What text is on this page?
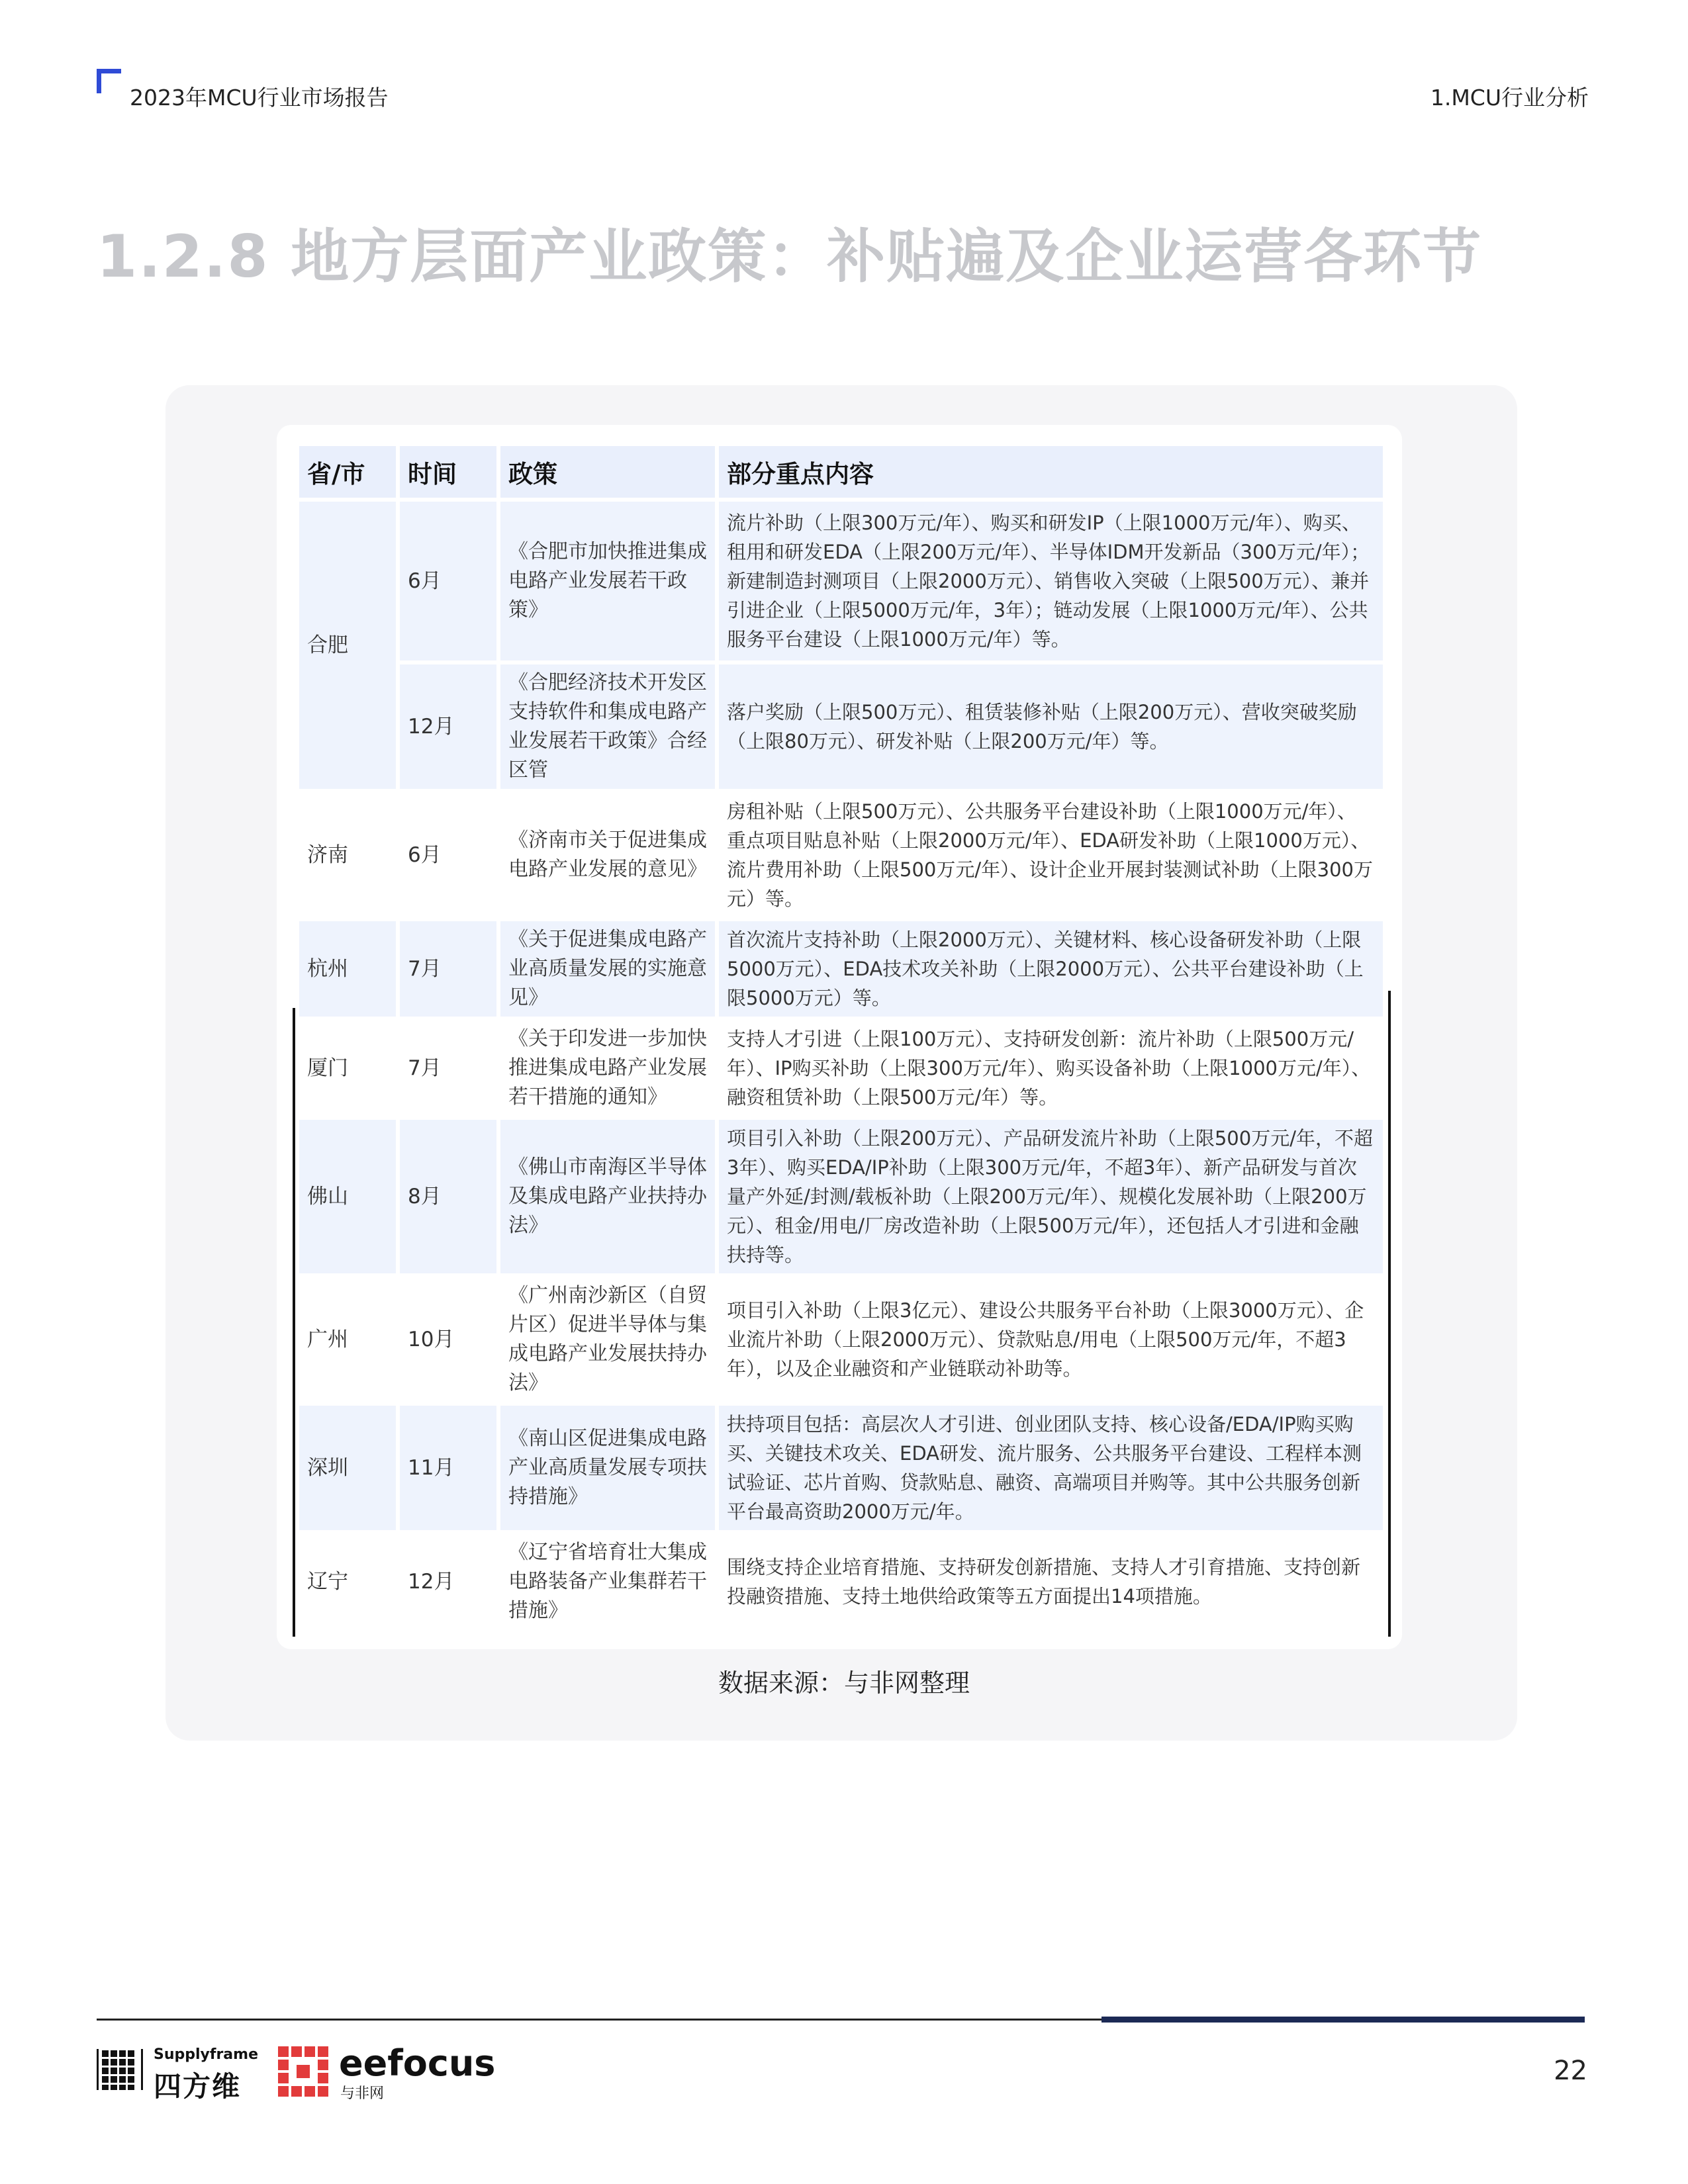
2023年MCU行业市场报告	1.MCU行业分析
1.2.8 地方层面产业政策：补贴遍及企业运营各环节
省/市	时间	政策	部分重点内容
合肥	6月	《合肥市加快推进集成电路产业发展若干政策》	流片补助（上限300万元/年）、购买和研发IP（上限1000万元/年）、购买、租用和研发EDA（上限200万元/年）、半导体IDM开发新品（300万元/年）；新建制造封测项目（上限2000万元）、销售收入突破（上限500万元）、兼并引进企业（上限5000万元/年，3年）；链动发展（上限1000万元/年）、公共服务平台建设（上限1000万元/年）等。
	12月	《合肥经济技术开发区支持软件和集成电路产业发展若干政策》合经区管	落户奖励（上限500万元）、租赁装修补贴（上限200万元）、营收突破奖励（上限80万元）、研发补贴（上限200万元/年）等。
济南	6月	《济南市关于促进集成电路产业发展的意见》	房租补贴（上限500万元）、公共服务平台建设补助（上限1000万元/年）、重点项目贴息补贴（上限2000万元/年）、EDA研发补助（上限1000万元）、流片费用补助（上限500万元/年）、设计企业开展封装测试补助（上限300万元）等。
杭州	7月	《关于促进集成电路产业高质量发展的实施意见》	首次流片支持补助（上限2000万元）、关键材料、核心设备研发补助（上限5000万元）、EDA技术攻关补助（上限2000万元）、公共平台建设补助（上限5000万元）等。
厦门	7月	《关于印发进一步加快推进集成电路产业发展若干措施的通知》	支持人才引进（上限100万元）、支持研发创新：流片补助（上限500万元/年）、IP购买补助（上限300万元/年）、购买设备补助（上限1000万元/年）、融资租赁补助（上限500万元/年）等。
佛山	8月	《佛山市南海区半导体及集成电路产业扶持办法》	项目引入补助（上限200万元）、产品研发流片补助（上限500万元/年，不超3年）、购买EDA/IP补助（上限300万元/年，不超3年）、新产品研发与首次量产外延/封测/载板补助（上限200万元/年）、规模化发展补助（上限200万元）、租金/用电/厂房改造补助（上限500万元/年），还包括人才引进和金融扶持等。
广州	10月	《广州南沙新区（自贸片区）促进半导体与集成电路产业发展扶持办法》	项目引入补助（上限3亿元）、建设公共服务平台补助（上限3000万元）、企业流片补助（上限2000万元）、贷款贴息/用电（上限500万元/年，不超3年），以及企业融资和产业链联动补助等。
深圳	11月	《南山区促进集成电路产业高质量发展专项扶持措施》	扶持项目包括：高层次人才引进、创业团队支持、核心设备/EDA/IP购买购买、关键技术攻关、EDA研发、流片服务、公共服务平台建设、工程样本测试验证、芯片首购、贷款贴息、融资、高端项目并购等。其中公共服务创新平台最高资助2000万元/年。
辽宁	12月	《辽宁省培育壮大集成电路装备产业集群若干措施》	围绕支持企业培育措施、支持研发创新措施、支持人才引育措施、支持创新投融资措施、支持土地供给政策等五方面提出14项措施。
数据来源：与非网整理
Supplyframe
四方维
eefocus
与非网
22
